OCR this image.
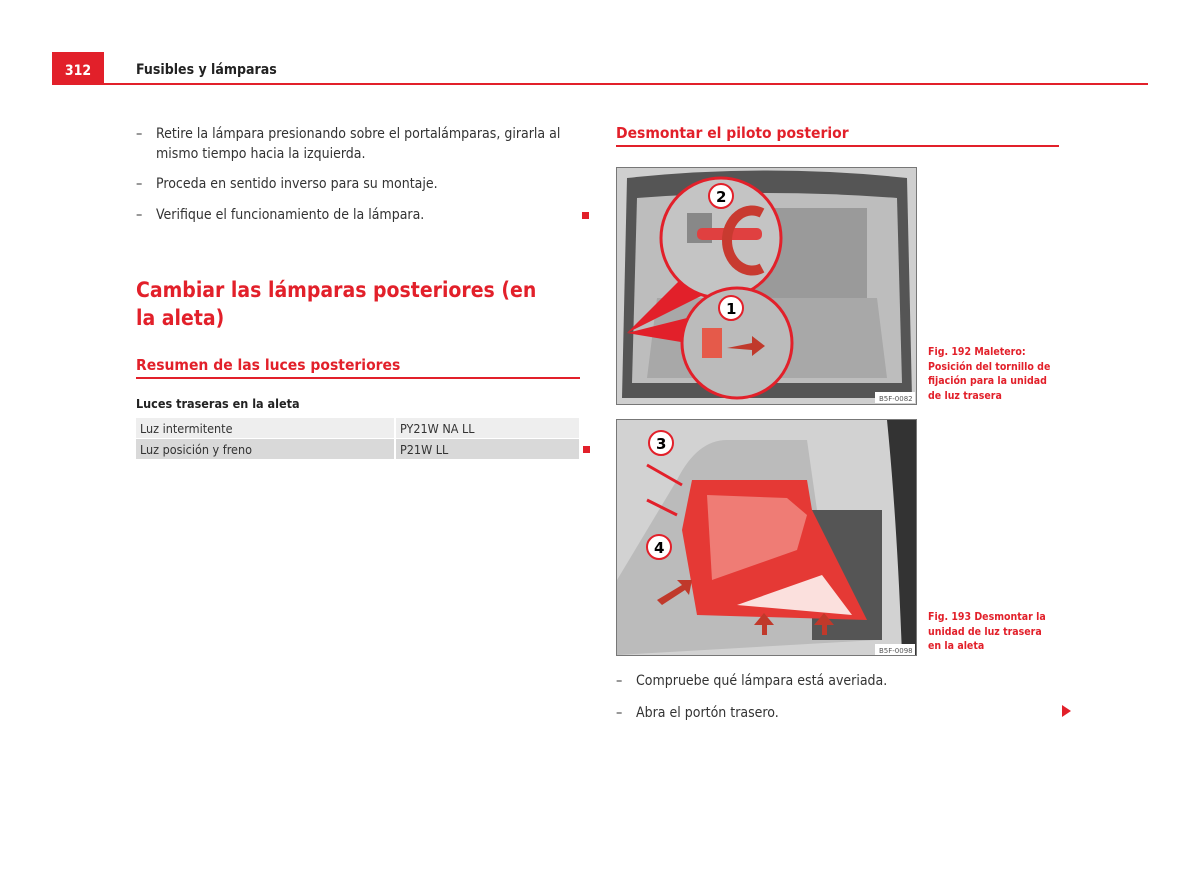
312	Fusibles y lámparas
– Retire la lámpara presionando sobre el portalámparas, girarla al mismo tiempo hacia la izquierda.
– Proceda en sentido inverso para su montaje.
– Verifique el funcionamiento de la lámpara.
Cambiar las lámparas posteriores (en la aleta)
Resumen de las luces posteriores
Luces traseras en la aleta
Luz intermitente	PY21W NA LL
Luz posición y freno	P21W LL
Desmontar el piloto posterior
2
1
B5F-0082
Fig. 192 Maletero: Posición del tornillo de fijación para la unidad de luz trasera
3
4
B5F-0098
Fig. 193 Desmontar la unidad de luz trasera en la aleta
– Compruebe qué lámpara está averiada.
– Abra el portón trasero.
